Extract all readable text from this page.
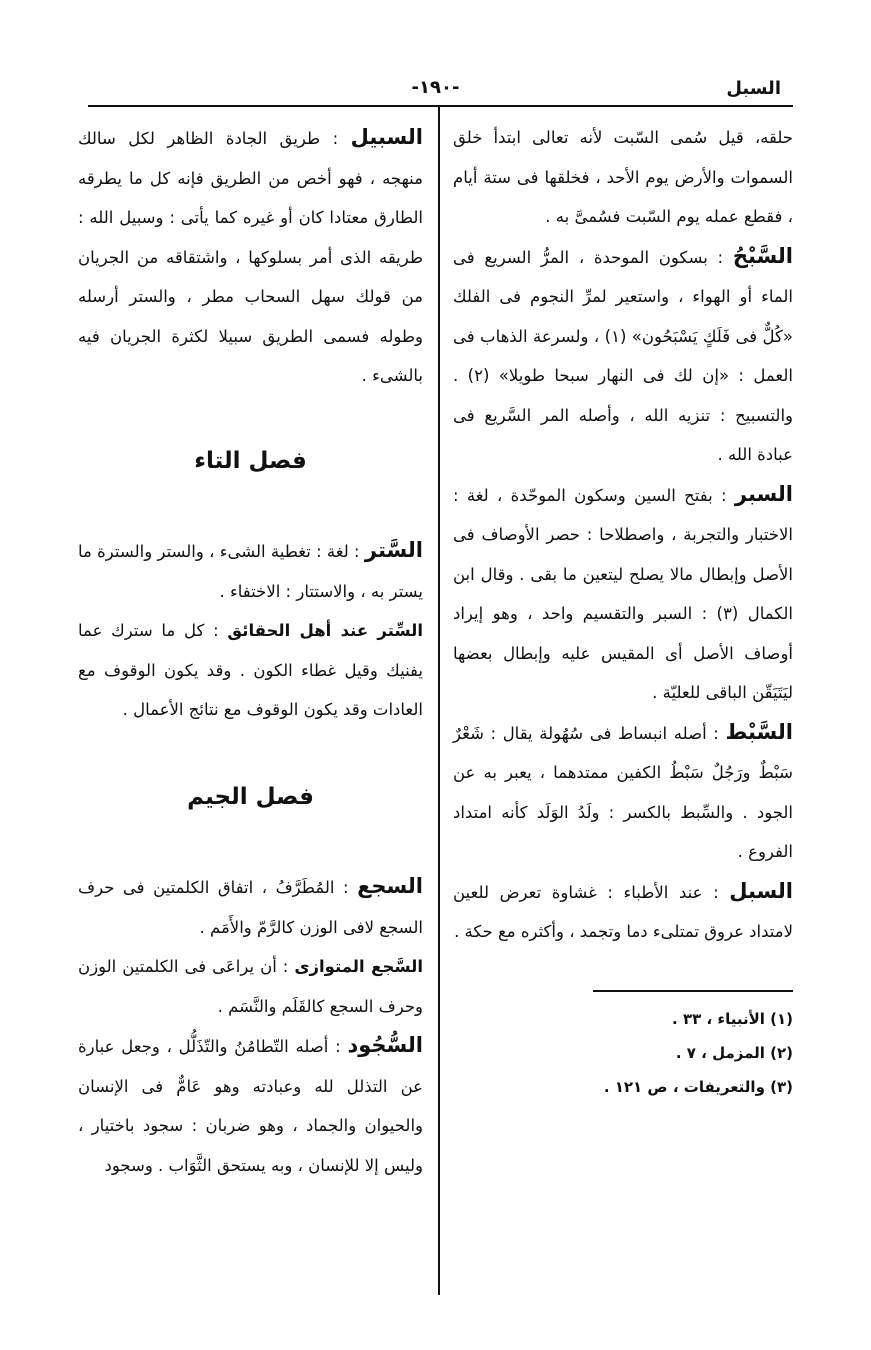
السبل
-١٩٠-

حلقه، قيل سُمى السّبت لأنه تعالى ابتدأ خلق السموات والأرض يوم الأحد ، فخلقها فى ستة أيام ، فقطع عمله يوم السّبت فسُمىَّ به .

السَّبْحُ : بسكون الموحدة ، المرُّ السريع فى الماء أو الهواء ، واستعير لمرِّ النجوم فى الفلك «كُلٌّ فى فَلَكٍ يَسْبَحُون» (١) ، ولسرعة الذهاب فى العمل : «إن لك فى النهار سبحا طويلا» (٢) . والتسبيح : تنزيه الله ، وأصله المر السَّريع فى عبادة الله .

السبر : بفتح السين وسكون الموحّدة ، لغة : الاختبار والتجربة ، واصطلاحا : حصر الأوصاف فى الأصل وإبطال مالا يصلح ليتعين ما بقى . وقال ابن الكمال (٣) : السبر والتقسيم واحد ، وهو إيراد أوصاف الأصل أى المقيس عليه وإبطال بعضها ليَتَيَقّن الباقى للعليّة .

السَّبْط : أصله انبساط فى سُهُولة يقال : شَعْرٌ سَبْطٌ ورَجُلٌ سَبْطُ الكفين ممتدهما ، يعبر به عن الجود . والسِّبط بالكسر : ولَدُ الوَلَد كأنه امتداد الفروع .

السبل : عند الأطباء : غشاوة تعرض للعين لامتداد عروق تمتلىء دما وتجمد ، وأكثره مع حكة .

(١) الأنبياء ، ٣٣ .
(٢) المزمل ، ٧ .
(٣) والتعريفات ، ص ١٢١ .

السبيل : طريق الجادة الظاهر لكل سالك منهجه ، فهو أخص من الطريق فإنه كل ما يطرقه الطارق معتادا كان أو غيره كما يأتى : وسبيل الله : طريقه الذى أمر بسلوكها ، واشتقاقه من الجريان من قولك سهل السحاب مطر ، والستر أرسله وطوله فسمى الطريق سبيلا لكثرة الجريان فيه بالشىء .

فصل التاء

السَّتر : لغة : تغطية الشىء ، والستر والسترة ما يستر به ، والاستتار : الاختفاء .

السِّتر عند أهل الحقائق : كل ما سترك عما يفنيك وقيل غطاء الكون . وقد يكون الوقوف مع العادات وقد يكون الوقوف مع نتائج الأعمال .

فصل الجيم

السجع : المُطَرَّفُ ، اتفاق الكلمتين فى حرف السجع لافى الوزن كالرَّمّ والأَمَم .

السَّجع المتوازى : أن يراعَى فى الكلمتين الوزن وحرف السجع كالقَلَم والنَّسَم .

السُّجُود : أصله التّطامُنُ والتّذَلُّل ، وجعل عبارة عن التذلل لله وعبادته وهو عَامٌّ فى الإنسان والحيوان والجماد ، وهو ضربان : سجود باختيار ، وليس إلا للإنسان ، وبه يستحق الثَّوَاب . وسجود
